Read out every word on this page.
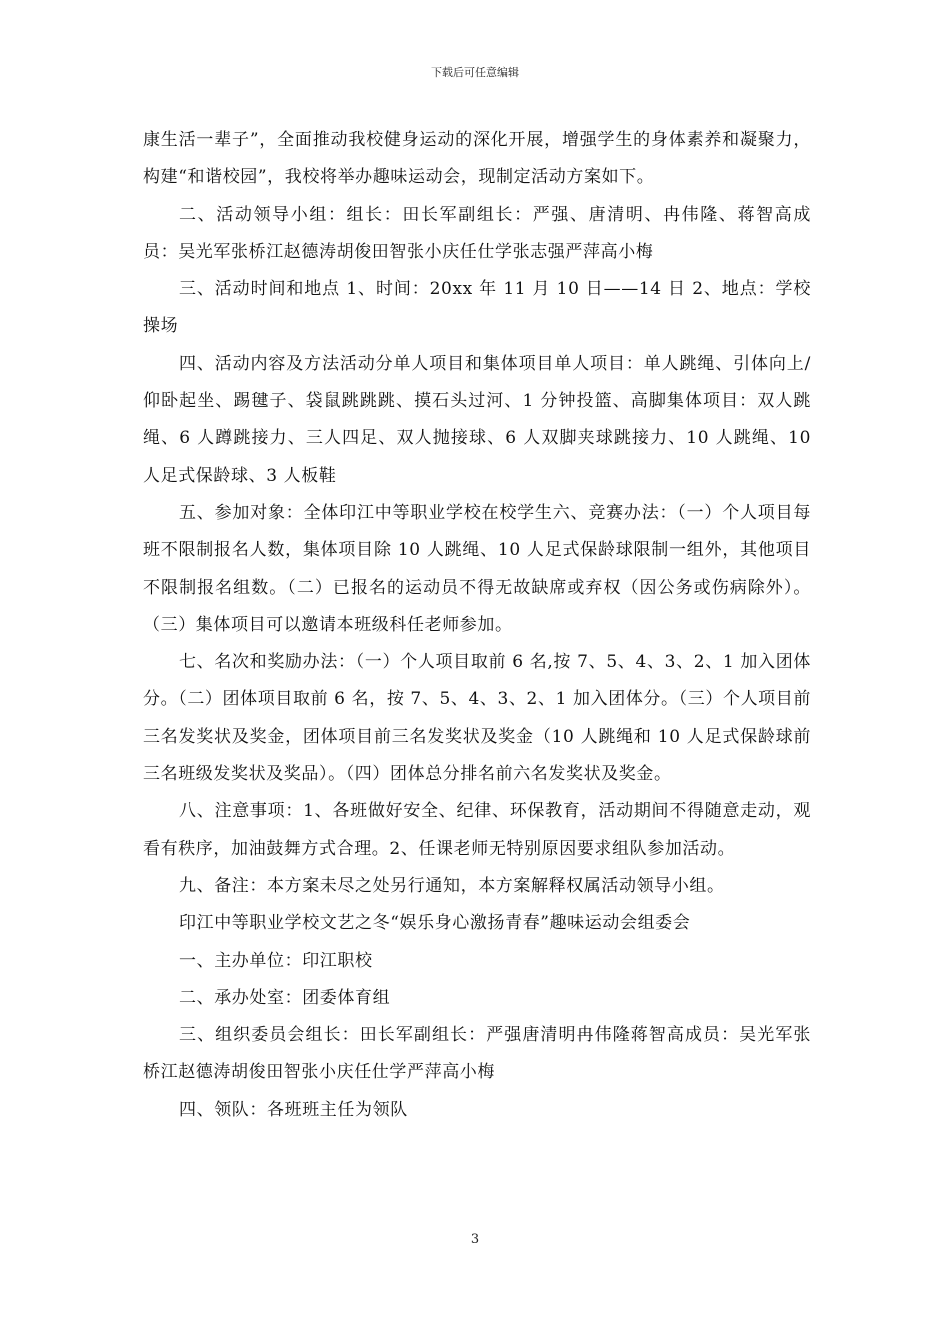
下载后可任意编辑

康生活一辈子”，全面推动我校健身运动的深化开展，增强学生的身体素养和凝聚力，构建“和谐校园”，我校将举办趣味运动会，现制定活动方案如下。

二、活动领导小组：组长：田长军副组长：严强、唐清明、冉伟隆、蒋智高成员：吴光军张桥江赵德涛胡俊田智张小庆任仕学张志强严萍高小梅

三、活动时间和地点 1、时间：20xx 年 11 月 10 日——14 日 2、地点：学校操场

四、活动内容及方法活动分单人项目和集体项目单人项目：单人跳绳、引体向上/仰卧起坐、踢毽子、袋鼠跳跳跳、摸石头过河、1 分钟投篮、高脚集体项目：双人跳绳、6 人蹲跳接力、三人四足、双人抛接球、6 人双脚夹球跳接力、10 人跳绳、10 人足式保龄球、3 人板鞋

五、参加对象：全体印江中等职业学校在校学生六、竞赛办法：（一）个人项目每班不限制报名人数，集体项目除 10 人跳绳、10 人足式保龄球限制一组外，其他项目不限制报名组数。（二）已报名的运动员不得无故缺席或弃权（因公务或伤病除外）。（三）集体项目可以邀请本班级科任老师参加。

七、名次和奖励办法：（一）个人项目取前 6 名,按 7、5、4、3、2、1 加入团体分。（二）团体项目取前 6 名，按 7、5、4、3、2、1 加入团体分。（三）个人项目前三名发奖状及奖金，团体项目前三名发奖状及奖金（10 人跳绳和 10 人足式保龄球前三名班级发奖状及奖品）。（四）团体总分排名前六名发奖状及奖金。

八、注意事项：1、各班做好安全、纪律、环保教育，活动期间不得随意走动，观看有秩序，加油鼓舞方式合理。2、任课老师无特别原因要求组队参加活动。

九、备注：本方案未尽之处另行通知，本方案解释权属活动领导小组。

印江中等职业学校文艺之冬“娱乐身心激扬青春”趣味运动会组委会

一、主办单位：印江职校

二、承办处室：团委体育组

三、组织委员会组长：田长军副组长：严强唐清明冉伟隆蒋智高成员：吴光军张桥江赵德涛胡俊田智张小庆任仕学严萍高小梅

四、领队：各班班主任为领队

3
